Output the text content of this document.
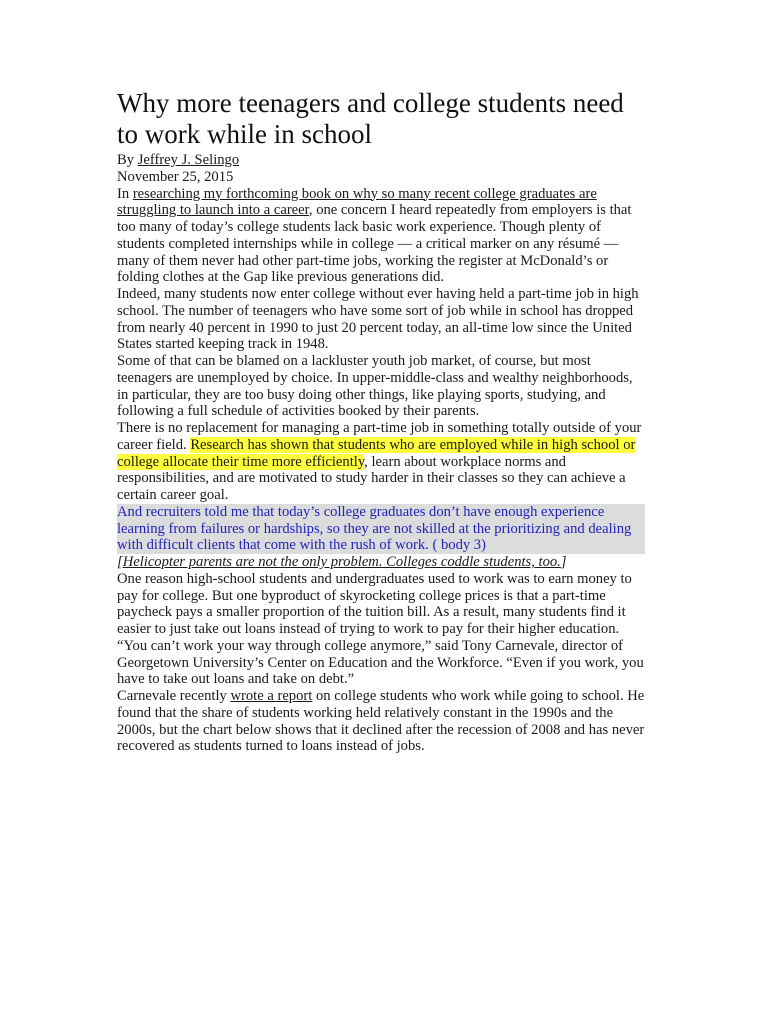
Why more teenagers and college students need to work while in school

By Jeffrey J. Selingo

November 25, 2015

In researching my forthcoming book on why so many recent college graduates are struggling to launch into a career, one concern I heard repeatedly from employers is that too many of today’s college students lack basic work experience. Though plenty of students completed internships while in college — a critical marker on any résumé — many of them never had other part-time jobs, working the register at McDonald’s or folding clothes at the Gap like previous generations did.

Indeed, many students now enter college without ever having held a part-time job in high school. The number of teenagers who have some sort of job while in school has dropped from nearly 40 percent in 1990 to just 20 percent today, an all-time low since the United States started keeping track in 1948.

Some of that can be blamed on a lackluster youth job market, of course, but most teenagers are unemployed by choice. In upper-middle-class and wealthy neighborhoods, in particular, they are too busy doing other things, like playing sports, studying, and following a full schedule of activities booked by their parents.

There is no replacement for managing a part-time job in something totally outside of your career field. Research has shown that students who are employed while in high school or college allocate their time more efficiently, learn about workplace norms and responsibilities, and are motivated to study harder in their classes so they can achieve a certain career goal.

And recruiters told me that today’s college graduates don’t have enough experience learning from failures or hardships, so they are not skilled at the prioritizing and dealing with difficult clients that come with the rush of work. ( body 3)

[Helicopter parents are not the only problem. Colleges coddle students, too.]

One reason high-school students and undergraduates used to work was to earn money to pay for college. But one byproduct of skyrocketing college prices is that a part-time paycheck pays a smaller proportion of the tuition bill. As a result, many students find it easier to just take out loans instead of trying to work to pay for their higher education.

“You can’t work your way through college anymore,” said Tony Carnevale, director of Georgetown University’s Center on Education and the Workforce. “Even if you work, you have to take out loans and take on debt.”

Carnevale recently wrote a report on college students who work while going to school. He found that the share of students working held relatively constant in the 1990s and the 2000s, but the chart below shows that it declined after the recession of 2008 and has never recovered as students turned to loans instead of jobs.
